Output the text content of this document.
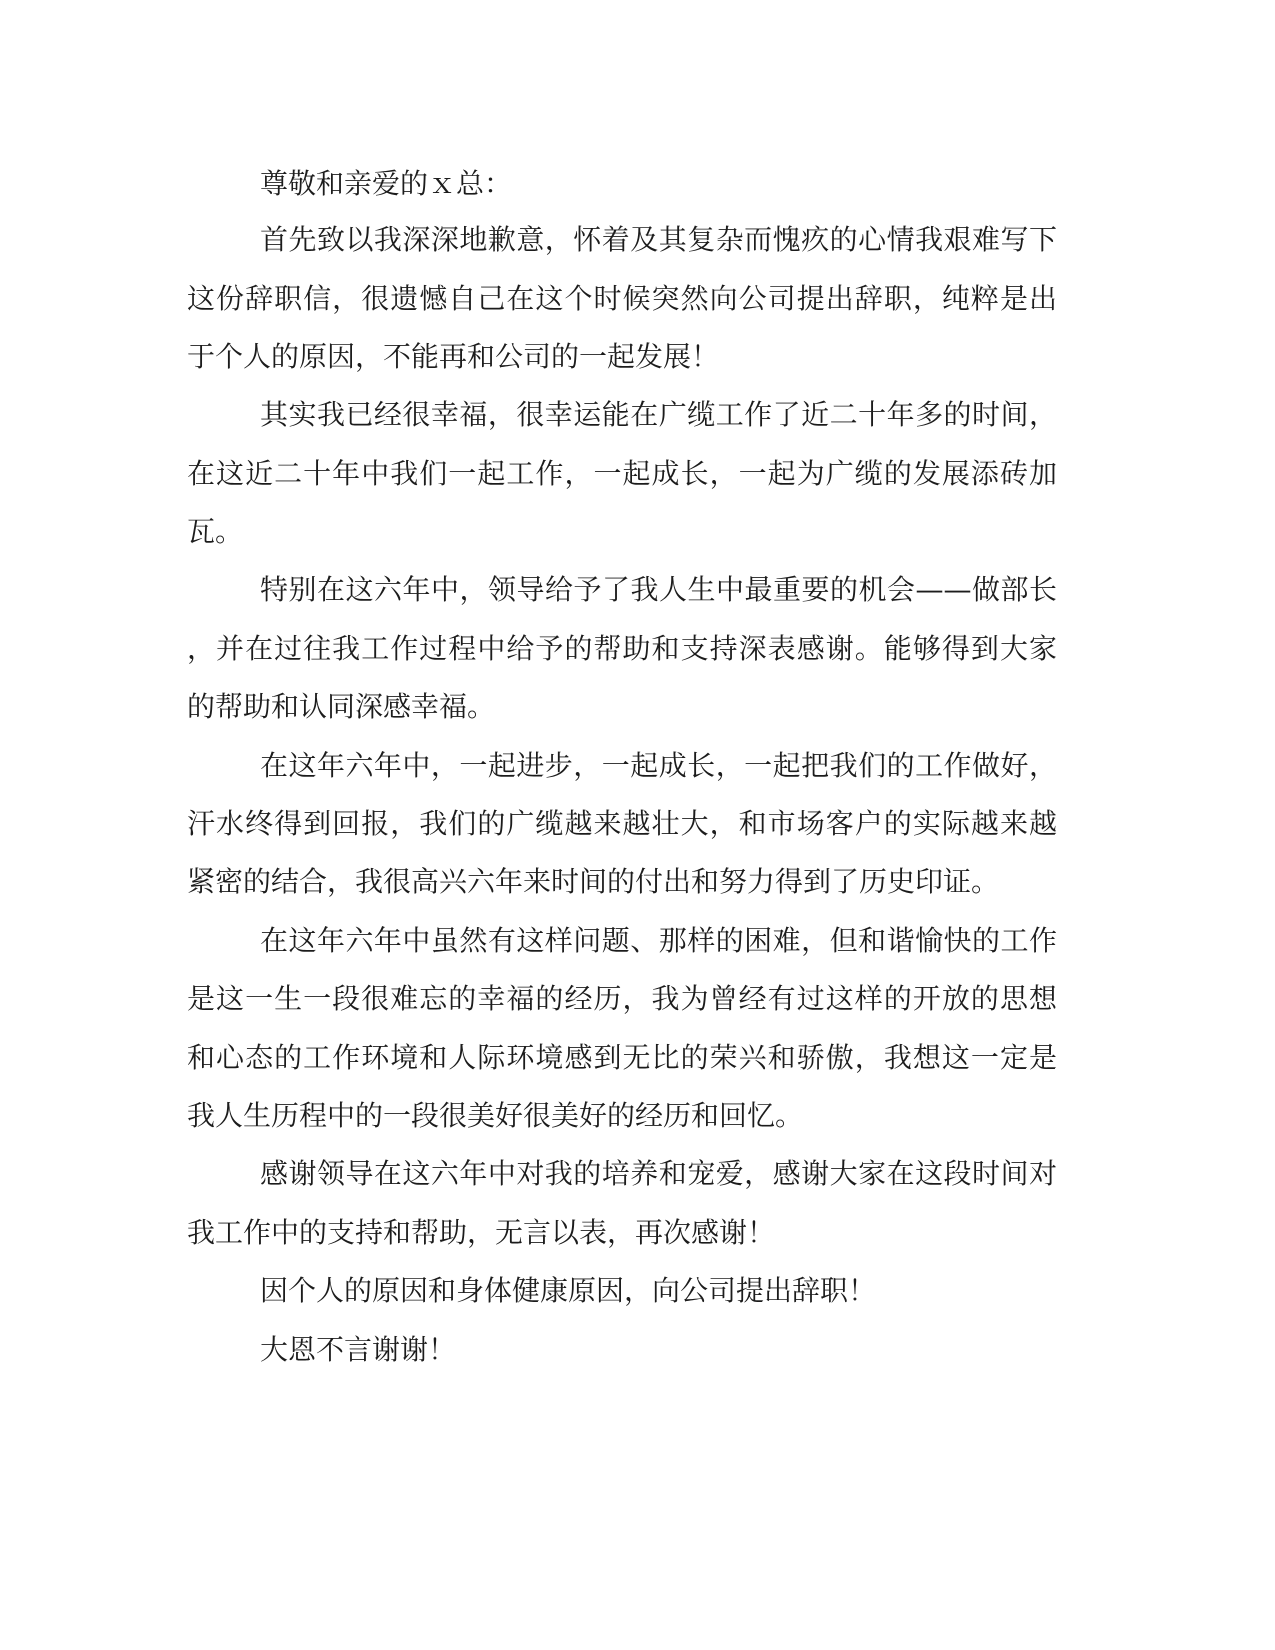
尊敬和亲爱的ｘ总：
首先致以我深深地歉意，怀着及其复杂而愧疚的心情我艰难写下
这份辞职信，很遗憾自己在这个时候突然向公司提出辞职，纯粹是出
于个人的原因，不能再和公司的一起发展！
其实我已经很幸福，很幸运能在广缆工作了近二十年多的时间，
在这近二十年中我们一起工作，一起成长，一起为广缆的发展添砖加
瓦。
特别在这六年中，领导给予了我人生中最重要的机会——做部长
，并在过往我工作过程中给予的帮助和支持深表感谢。能够得到大家
的帮助和认同深感幸福。
在这年六年中，一起进步，一起成长，一起把我们的工作做好，
汗水终得到回报，我们的广缆越来越壮大，和市场客户的实际越来越
紧密的结合，我很高兴六年来时间的付出和努力得到了历史印证。
在这年六年中虽然有这样问题、那样的困难，但和谐愉快的工作
是这一生一段很难忘的幸福的经历，我为曾经有过这样的开放的思想
和心态的工作环境和人际环境感到无比的荣兴和骄傲，我想这一定是
我人生历程中的一段很美好很美好的经历和回忆。
感谢领导在这六年中对我的培养和宠爱，感谢大家在这段时间对
我工作中的支持和帮助，无言以表，再次感谢！
因个人的原因和身体健康原因，向公司提出辞职！
大恩不言谢谢！
